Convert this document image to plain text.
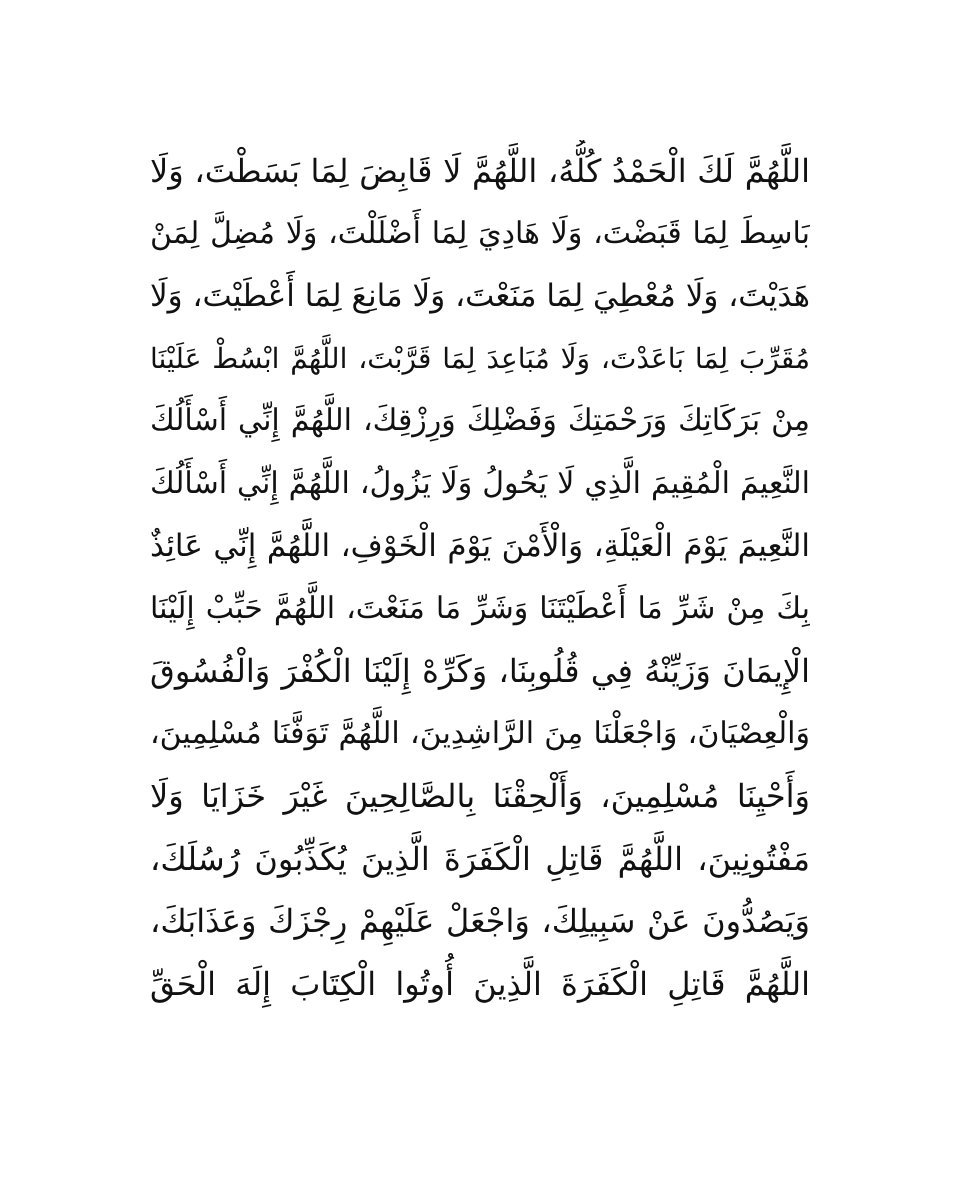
اللَّهُمَّ لَكَ الْحَمْدُ كُلُّهُ، اللَّهُمَّ لَا قَابِضَ لِمَا بَسَطْتَ، وَلَا
بَاسِطَ لِمَا قَبَضْتَ، وَلَا هَادِيَ لِمَا أَضْلَلْتَ، وَلَا مُضِلَّ لِمَنْ
هَدَيْتَ، وَلَا مُعْطِيَ لِمَا مَنَعْتَ، وَلَا مَانِعَ لِمَا أَعْطَيْتَ، وَلَا
مُقَرِّبَ لِمَا بَاعَدْتَ، وَلَا مُبَاعِدَ لِمَا قَرَّبْتَ، اللَّهُمَّ ابْسُطْ عَلَيْنَا
مِنْ بَرَكَاتِكَ وَرَحْمَتِكَ وَفَضْلِكَ وَرِزْقِكَ، اللَّهُمَّ إِنِّي أَسْأَلُكَ
النَّعِيمَ الْمُقِيمَ الَّذِي لَا يَحُولُ وَلَا يَزُولُ، اللَّهُمَّ إِنِّي أَسْأَلُكَ
النَّعِيمَ يَوْمَ الْعَيْلَةِ، وَالْأَمْنَ يَوْمَ الْخَوْفِ، اللَّهُمَّ إِنِّي عَائِذٌ
بِكَ مِنْ شَرِّ مَا أَعْطَيْتَنَا وَشَرِّ مَا مَنَعْتَ، اللَّهُمَّ حَبِّبْ إِلَيْنَا
الْإِيمَانَ وَزَيِّنْهُ فِي قُلُوبِنَا، وَكَرِّهْ إِلَيْنَا الْكُفْرَ وَالْفُسُوقَ
وَالْعِصْيَانَ، وَاجْعَلْنَا مِنَ الرَّاشِدِينَ، اللَّهُمَّ تَوَفَّنَا مُسْلِمِينَ،
وَأَحْيِنَا مُسْلِمِينَ، وَأَلْحِقْنَا بِالصَّالِحِينَ غَيْرَ خَزَايَا وَلَا
مَفْتُونِينَ، اللَّهُمَّ قَاتِلِ الْكَفَرَةَ الَّذِينَ يُكَذِّبُونَ رُسُلَكَ،
وَيَصُدُّونَ عَنْ سَبِيلِكَ، وَاجْعَلْ عَلَيْهِمْ رِجْزَكَ وَعَذَابَكَ،
اللَّهُمَّ قَاتِلِ الْكَفَرَةَ الَّذِينَ أُوتُوا الْكِتَابَ إِلَهَ الْحَقِّ
